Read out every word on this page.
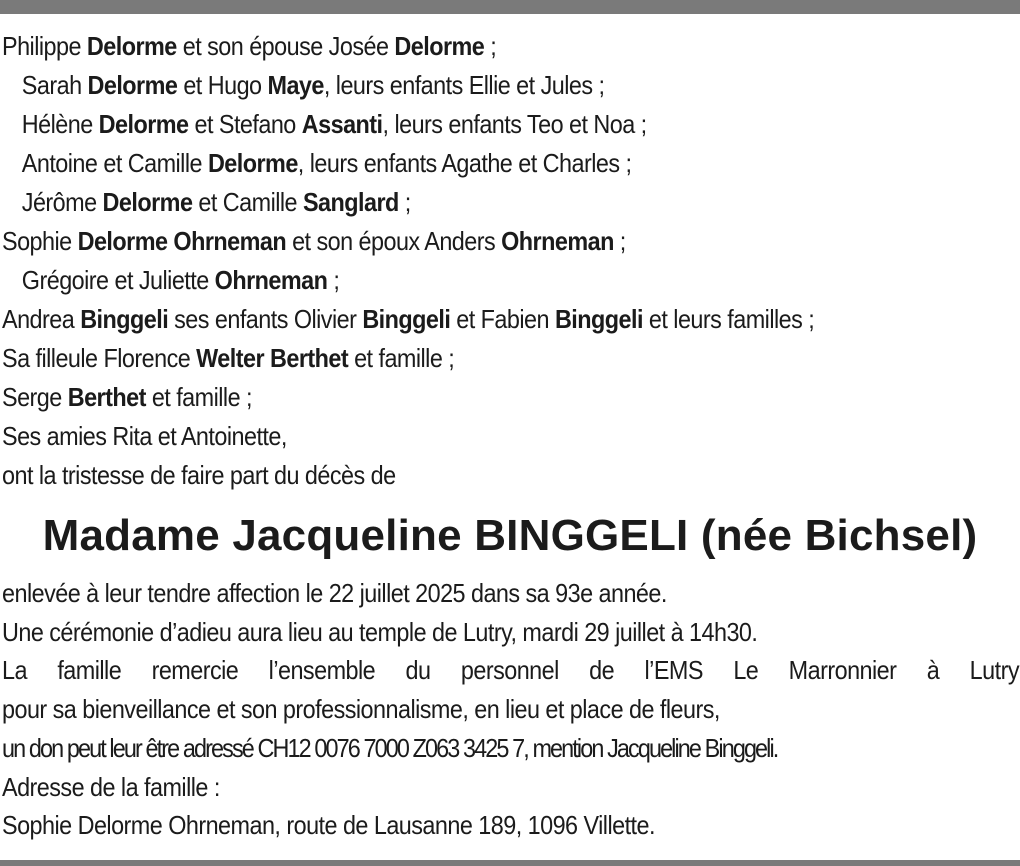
Philippe Delorme et son épouse Josée Delorme ;
Sarah Delorme et Hugo Maye, leurs enfants Ellie et Jules ;
Hélène Delorme et Stefano Assanti, leurs enfants Teo et Noa ;
Antoine et Camille Delorme, leurs enfants Agathe et Charles ;
Jérôme Delorme et Camille Sanglard ;
Sophie Delorme Ohrneman et son époux Anders Ohrneman ;
Grégoire et Juliette Ohrneman ;
Andrea Binggeli ses enfants Olivier Binggeli et Fabien Binggeli et leurs familles ;
Sa filleule Florence Welter Berthet et famille ;
Serge Berthet et famille ;
Ses amies Rita et Antoinette,
ont la tristesse de faire part du décès de
Madame Jacqueline BINGGELI (née Bichsel)
enlevée à leur tendre affection le 22 juillet 2025 dans sa 93e année.
Une cérémonie d’adieu aura lieu au temple de Lutry, mardi 29 juillet à 14h30.
La famille remercie l’ensemble du personnel de l’EMS Le Marronnier à Lutry
pour sa bienveillance et son professionnalisme, en lieu et place de fleurs,
un don peut leur être adressé CH12 0076 7000 Z063 3425 7, mention Jacqueline Binggeli.
Adresse de la famille :
Sophie Delorme Ohrneman, route de Lausanne 189, 1096 Villette.
